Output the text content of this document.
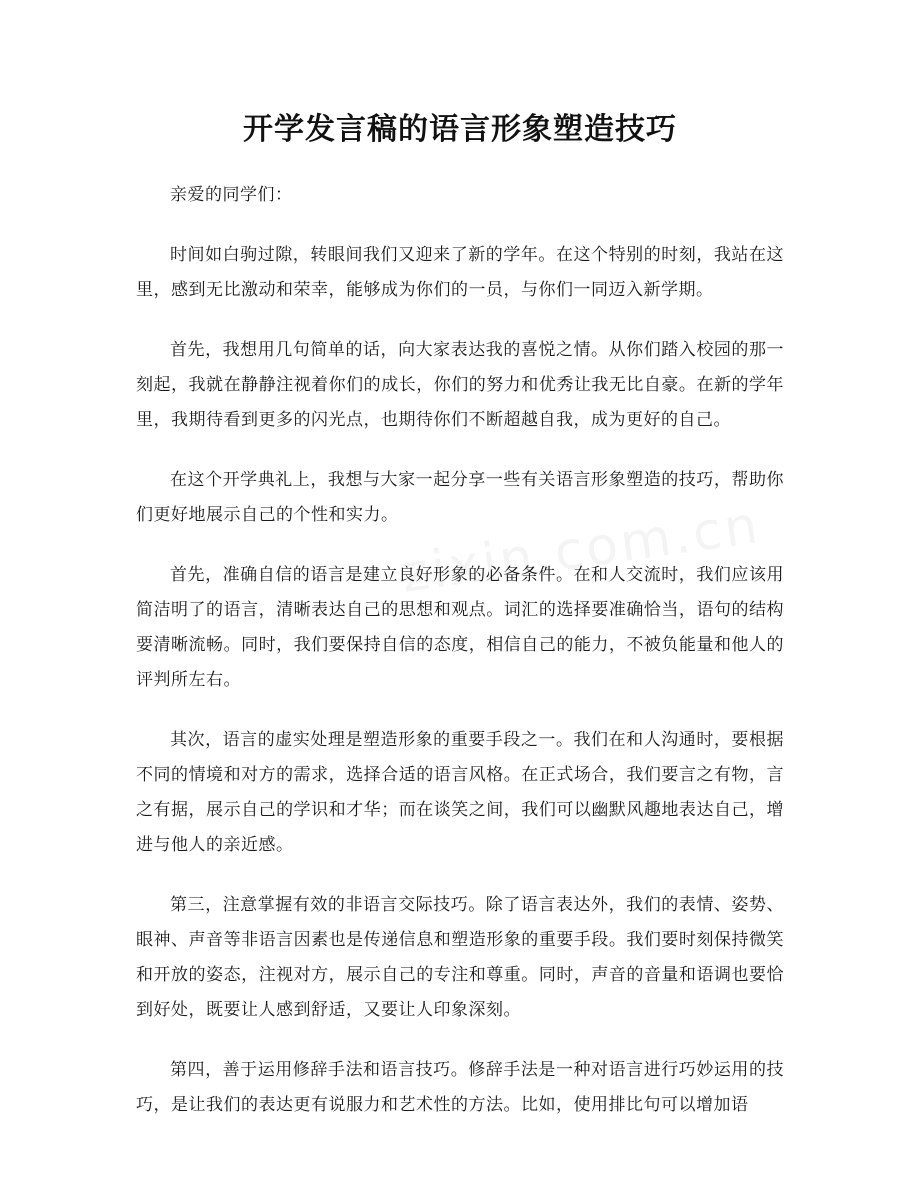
开学发言稿的语言形象塑造技巧

亲爱的同学们：

时间如白驹过隙，转眼间我们又迎来了新的学年。在这个特别的时刻，我站在这里，感到无比激动和荣幸，能够成为你们的一员，与你们一同迈入新学期。

首先，我想用几句简单的话，向大家表达我的喜悦之情。从你们踏入校园的那一刻起，我就在静静注视着你们的成长，你们的努力和优秀让我无比自豪。在新的学年里，我期待看到更多的闪光点，也期待你们不断超越自我，成为更好的自己。

在这个开学典礼上，我想与大家一起分享一些有关语言形象塑造的技巧，帮助你们更好地展示自己的个性和实力。

首先，准确自信的语言是建立良好形象的必备条件。在和人交流时，我们应该用简洁明了的语言，清晰表达自己的思想和观点。词汇的选择要准确恰当，语句的结构要清晰流畅。同时，我们要保持自信的态度，相信自己的能力，不被负能量和他人的评判所左右。

其次，语言的虚实处理是塑造形象的重要手段之一。我们在和人沟通时，要根据不同的情境和对方的需求，选择合适的语言风格。在正式场合，我们要言之有物，言之有据，展示自己的学识和才华；而在谈笑之间，我们可以幽默风趣地表达自己，增进与他人的亲近感。

第三，注意掌握有效的非语言交际技巧。除了语言表达外，我们的表情、姿势、眼神、声音等非语言因素也是传递信息和塑造形象的重要手段。我们要时刻保持微笑和开放的姿态，注视对方，展示自己的专注和尊重。同时，声音的音量和语调也要恰到好处，既要让人感到舒适，又要让人印象深刻。

第四，善于运用修辞手法和语言技巧。修辞手法是一种对语言进行巧妙运用的技巧，是让我们的表达更有说服力和艺术性的方法。比如，使用排比句可以增加语
